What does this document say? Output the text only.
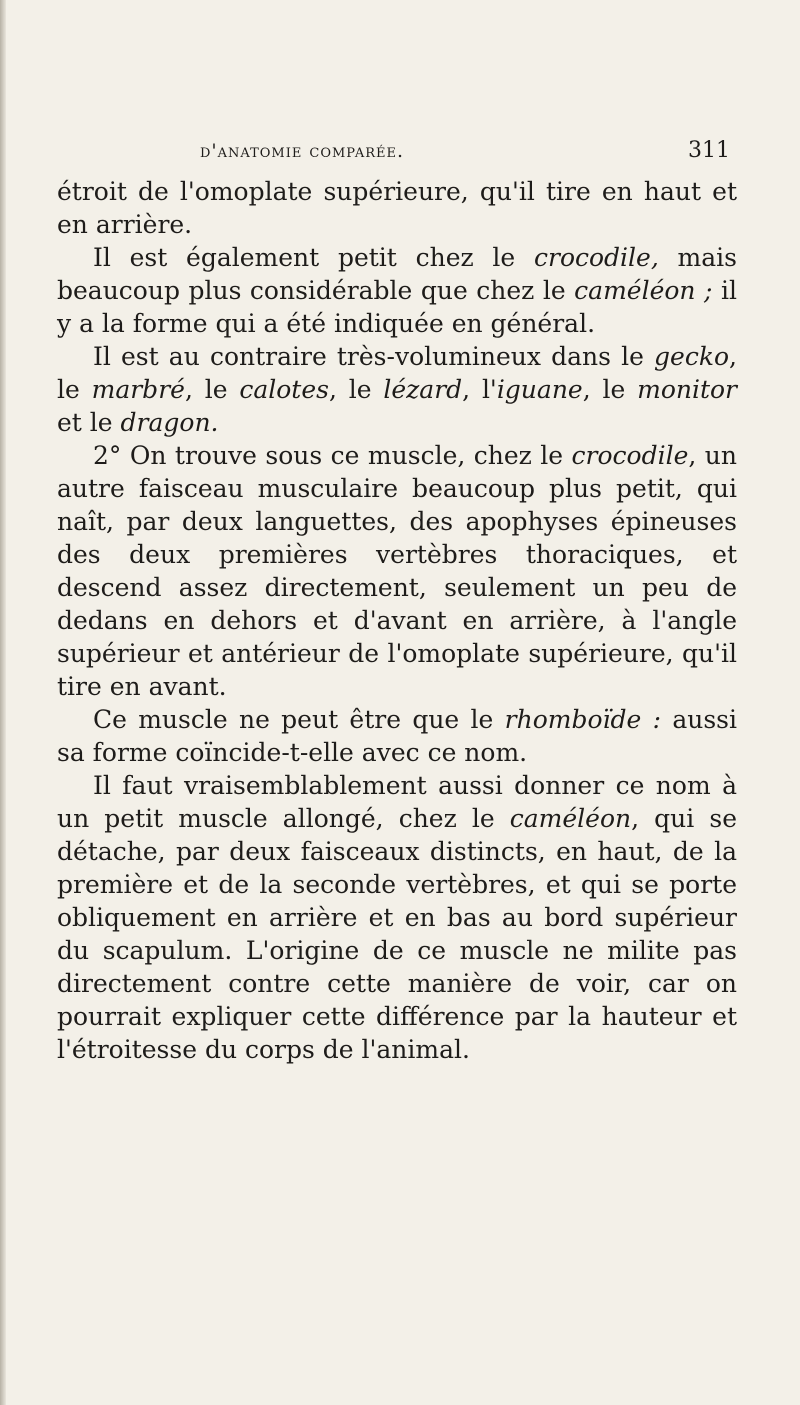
d'anatomie comparée.	311

étroit de l'omoplate supérieure, qu'il tire en haut et en arrière.

Il est également petit chez le crocodile, mais beaucoup plus considérable que chez le caméléon ; il y a la forme qui a été indiquée en général.

Il est au contraire très-volumineux dans le gecko, le marbré, le calotes, le lézard, l'iguane, le monitor et le dragon.

2° On trouve sous ce muscle, chez le crocodile, un autre faisceau musculaire beaucoup plus petit, qui naît, par deux languettes, des apophyses épineuses des deux premières vertèbres thoraciques, et descend assez directement, seulement un peu de dedans en dehors et d'avant en arrière, à l'angle supérieur et antérieur de l'omoplate supérieure, qu'il tire en avant.

Ce muscle ne peut être que le rhomboïde : aussi sa forme coïncide-t-elle avec ce nom.

Il faut vraisemblablement aussi donner ce nom à un petit muscle allongé, chez le caméléon, qui se détache, par deux faisceaux distincts, en haut, de la première et de la seconde vertèbres, et qui se porte obliquement en arrière et en bas au bord supérieur du scapulum. L'origine de ce muscle ne milite pas directement contre cette manière de voir, car on pourrait expliquer cette différence par la hauteur et l'étroitesse du corps de l'animal.
